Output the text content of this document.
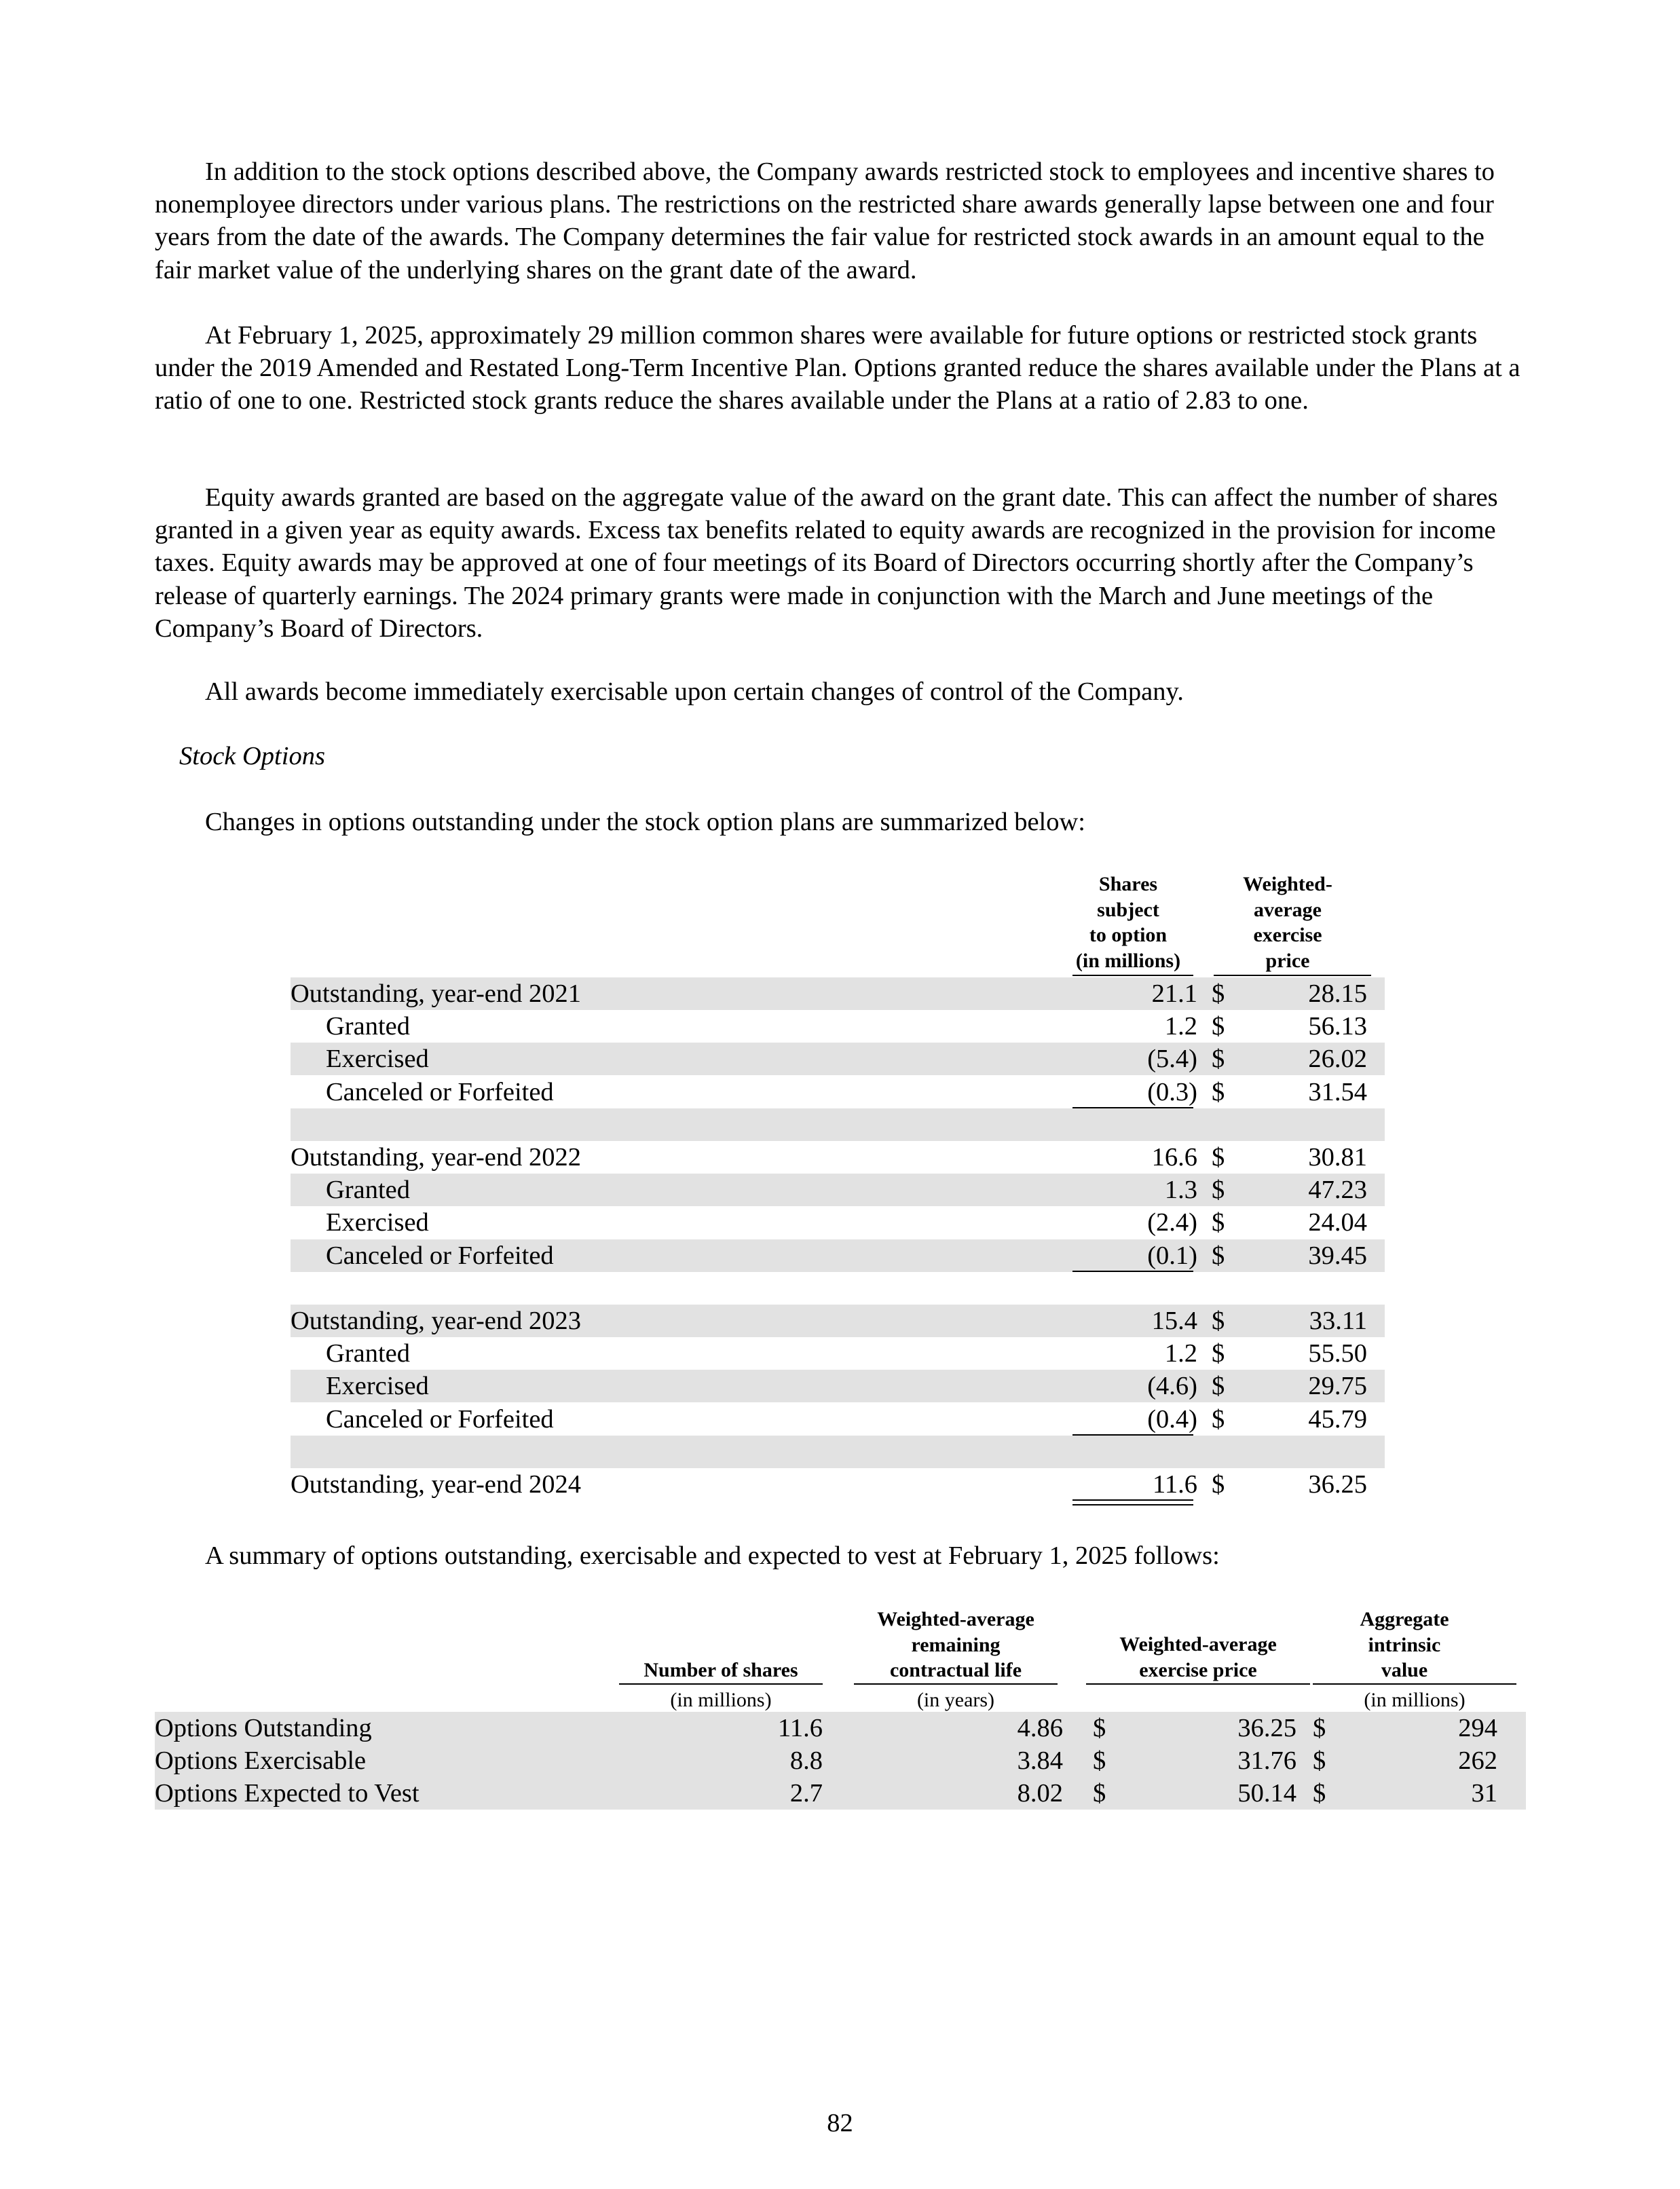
In addition to the stock options described above, the Company awards restricted stock to employees and incentive shares to nonemployee directors under various plans. The restrictions on the restricted share awards generally lapse between one and four years from the date of the awards. The Company determines the fair value for restricted stock awards in an amount equal to the fair market value of the underlying shares on the grant date of the award.

At February 1, 2025, approximately 29 million common shares were available for future options or restricted stock grants under the 2019 Amended and Restated Long-Term Incentive Plan. Options granted reduce the shares available under the Plans at a ratio of one to one. Restricted stock grants reduce the shares available under the Plans at a ratio of 2.83 to one.

Equity awards granted are based on the aggregate value of the award on the grant date. This can affect the number of shares granted in a given year as equity awards. Excess tax benefits related to equity awards are recognized in the provision for income taxes. Equity awards may be approved at one of four meetings of its Board of Directors occurring shortly after the Company’s release of quarterly earnings. The 2024 primary grants were made in conjunction with the March and June meetings of the Company’s Board of Directors.

All awards become immediately exercisable upon certain changes of control of the Company.

Stock Options

Changes in options outstanding under the stock option plans are summarized below:

Shares
subject
to option
(in millions)
Weighted-
average
exercise
price
Outstanding, year-end 2021	21.1 $	28.15
Granted	1.2 $	56.13
Exercised	(5.4) $	26.02
Canceled or Forfeited	(0.3) $	31.54
Outstanding, year-end 2022	16.6 $	30.81
Granted	1.3 $	47.23
Exercised	(2.4) $	24.04
Canceled or Forfeited	(0.1) $	39.45
Outstanding, year-end 2023	15.4 $	33.11
Granted	1.2 $	55.50
Exercised	(4.6) $	29.75
Canceled or Forfeited	(0.4) $	45.79
Outstanding, year-end 2024	11.6 $	36.25

A summary of options outstanding, exercisable and expected to vest at February 1, 2025 follows:

Number of shares
(in millions)
Weighted-average
remaining
contractual life
(in years)
Weighted-average
exercise price
Aggregate
intrinsic
value
(in millions)
Options Outstanding	11.6	4.86 $	36.25 $	294
Options Exercisable	8.8	3.84 $	31.76 $	262
Options Expected to Vest	2.7	8.02 $	50.14 $	31
82
